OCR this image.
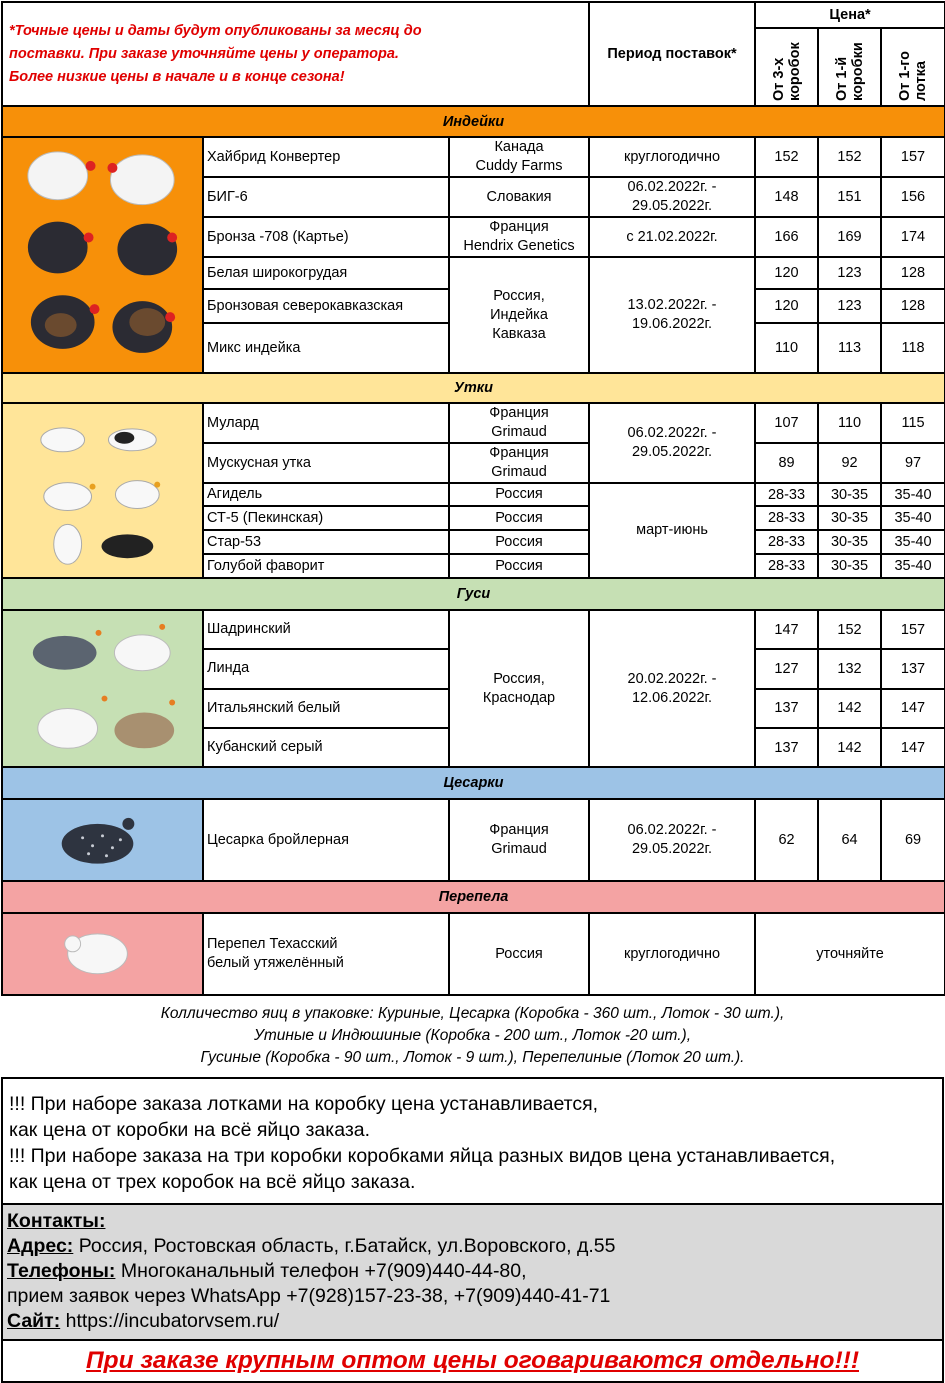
*Точные цены и даты будут опубликованы за месяц до
поставки. При заказе уточняйте цены у оператора.
Более низкие цены в начале и в конце сезона!			Период поставок*	Цена*		
				От 3-х коробок	От 1-й коробки	От 1-го лотка
Индейки						

	Хайбрид Конвертер	Канада
Cuddy Farms	круглогодично	152	152	157
	БИГ-6	Словакия	06.02.2022г. -
29.05.2022г.	148	151	156
	Бронза -708 (Картье)	Франция
Hendrix Genetics	с 21.02.2022г.	166	169	174
	Белая широкогрудая	Россия,
Индейка
Кавказа	13.02.2022г. -
19.06.2022г.	120	123	128
	Бронзовая северокавказская			120	123	128
	Микс индейка			110	113	118
Утки						

	Мулард	Франция
Grimaud	06.02.2022г. -
29.05.2022г.	107	110	115
	Мускусная утка	Франция
Grimaud		89	92	97
	Агидель	Россия	март-июнь	28-33	30-35	35-40
	СТ-5 (Пекинская)	Россия		28-33	30-35	35-40
	Стар-53	Россия		28-33	30-35	35-40
	Голубой фаворит	Россия		28-33	30-35	35-40
Гуси						

	Шадринский	Россия,
Краснодар	20.02.2022г. -
12.06.2022г.	147	152	157
	Линда			127	132	137
	Итальянский белый			137	142	147
	Кубанский серый			137	142	147
Цесарки						

	Цесарка бройлерная	Франция
Grimaud	06.02.2022г. -
29.05.2022г.	62	64	69
Перепела						

	Перепел Техасский
белый утяжелённый	Россия	круглогодично	уточняйте		
Колличество яиц в упаковке: Куриные, Цесарка (Коробка - 360 шт., Лоток - 30 шт.),
Утиные и Индюшиные (Коробка - 200 шт., Лоток -20 шт.),
Гусиные (Коробка - 90 шт., Лоток - 9 шт.), Перепелиные (Лоток 20 шт.).
!!! При наборе заказа лотками на коробку цена устанавливается,
как цена от коробки на всё яйцо заказа.
!!! При наборе заказа на три коробки коробками яйца разных видов цена устанавливается,
как цена от трех коробок на всё яйцо заказа.
Контакты:
Адрес: Россия, Ростовская область, г.Батайск, ул.Воровского, д.55
Телефоны: Многоканальный телефон +7(909)440-44-80,
прием заявок через WhatsApp +7(928)157-23-38, +7(909)440-41-71
Сайт: https://incubatorvsem.ru/
При заказе крупным оптом цены оговариваются отдельно!!!
